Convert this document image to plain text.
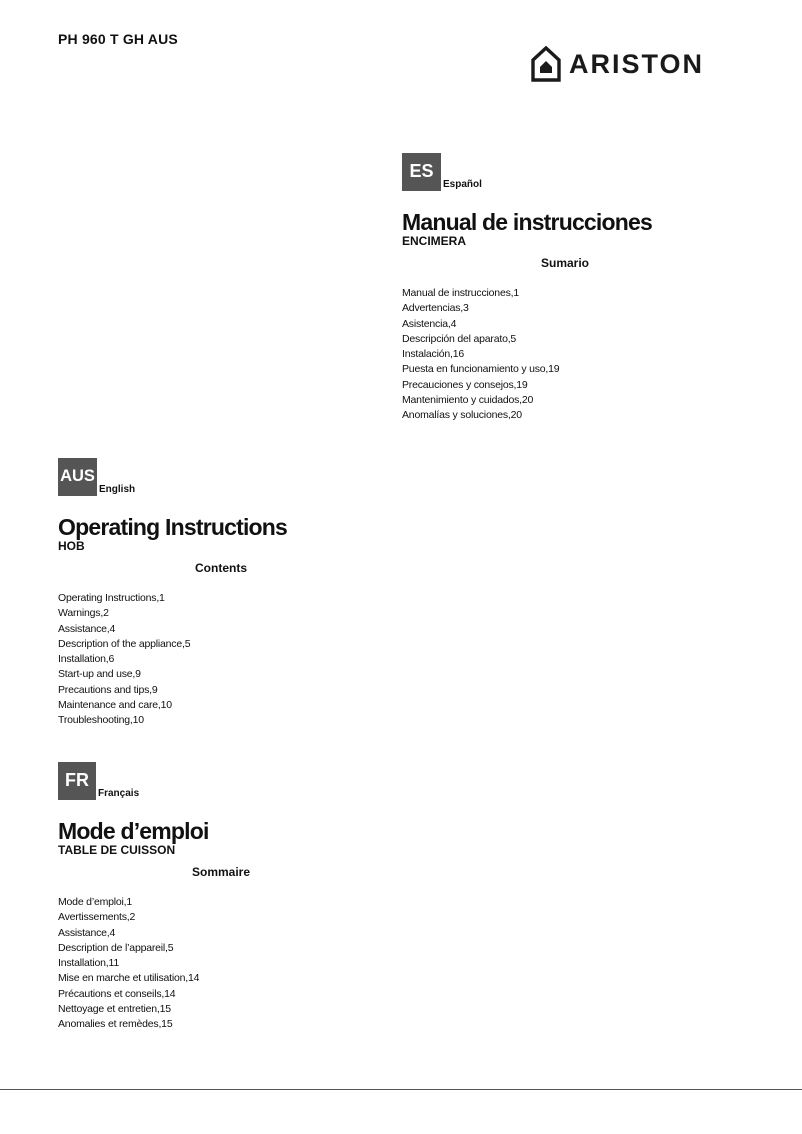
PH 960 T GH AUS
ARISTON
ES
Español
Manual de instrucciones
ENCIMERA
Sumario
Manual de instrucciones,1
Advertencias,3
Asistencia,4
Descripción del aparato,5
Instalación,16
Puesta en funcionamiento y uso,19
Precauciones y consejos,19
Mantenimiento y cuidados,20
Anomalías y soluciones,20
AUS
English
Operating Instructions
HOB
Contents
Operating Instructions,1
Warnings,2
Assistance,4
Description of the appliance,5
Installation,6
Start-up and use,9
Precautions and tips,9
Maintenance and care,10
Troubleshooting,10
FR
Français
Mode d’emploi
TABLE DE CUISSON
Sommaire
Mode d’emploi,1
Avertissements,2
Assistance,4
Description de l’appareil,5
Installation,11
Mise en marche et utilisation,14
Précautions et conseils,14
Nettoyage et entretien,15
Anomalies et remèdes,15
